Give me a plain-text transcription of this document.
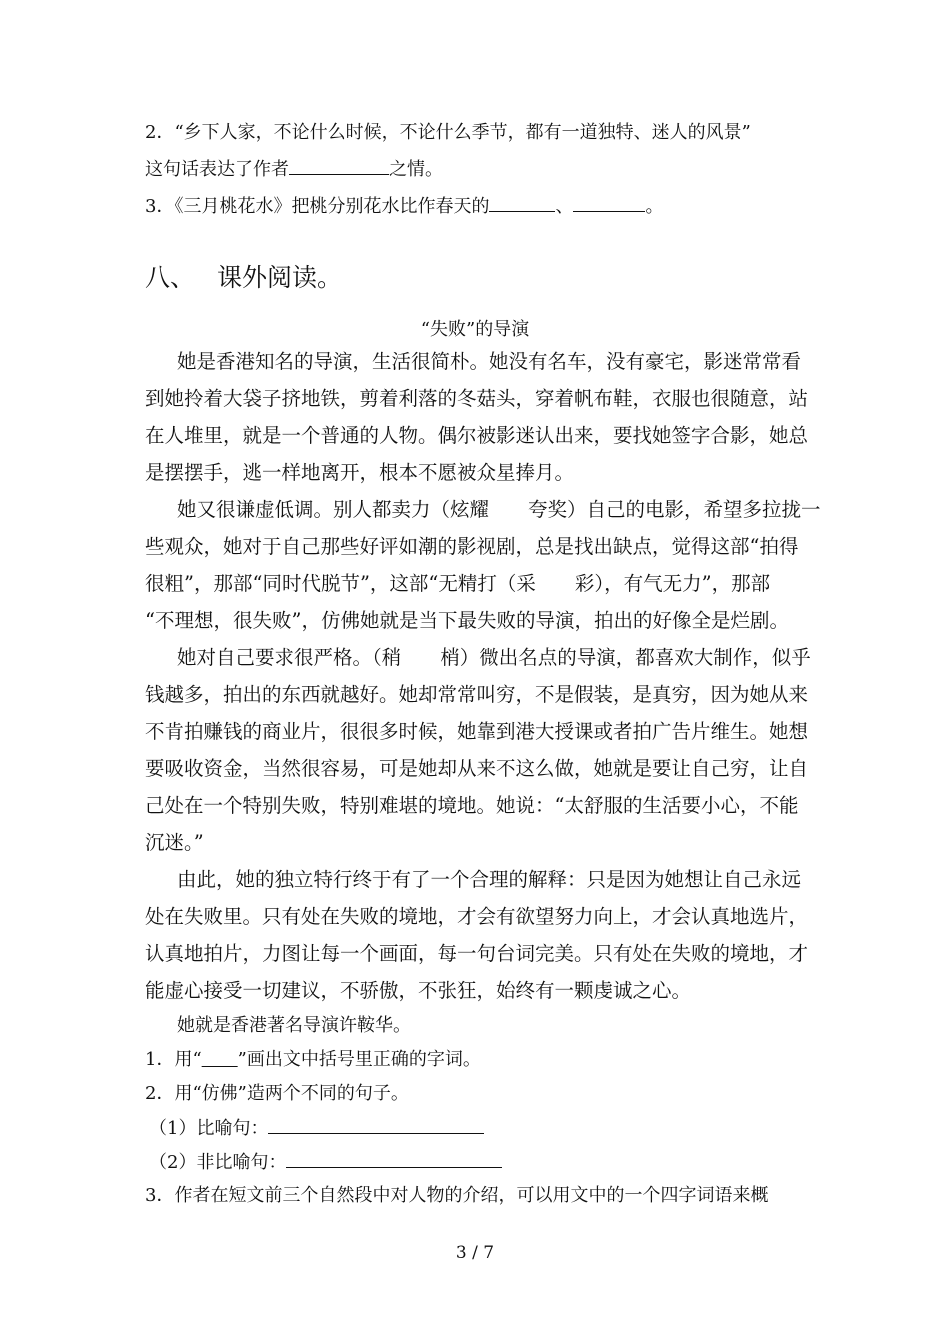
2．“乡下人家，不论什么时候，不论什么季节，都有一道独特、迷人的风景”
这句话表达了作者	之情。
3．《三月桃花水》把桃分别花水比作春天的	、	。
八、 课外阅读。
“失败”的导演
她是香港知名的导演，生活很简朴。她没有名车，没有豪宅，影迷常常看
到她拎着大袋子挤地铁，剪着利落的冬菇头，穿着帆布鞋，衣服也很随意，站
在人堆里，就是一个普通的人物。偶尔被影迷认出来，要找她签字合影，她总
是摆摆手，逃一样地离开，根本不愿被众星捧月。
她又很谦虚低调。别人都卖力（炫耀　　夸奖）自己的电影，希望多拉拢一
些观众，她对于自己那些好评如潮的影视剧，总是找出缺点，觉得这部“拍得
很粗”，那部“同时代脱节”，这部“无精打（采　　彩），有气无力”，那部
“不理想，很失败”，仿佛她就是当下最失败的导演，拍出的好像全是烂剧。
她对自己要求很严格。（稍　　梢）微出名点的导演，都喜欢大制作，似乎
钱越多，拍出的东西就越好。她却常常叫穷，不是假装，是真穷，因为她从来
不肯拍赚钱的商业片，很很多时候，她靠到港大授课或者拍广告片维生。她想
要吸收资金，当然很容易，可是她却从来不这么做，她就是要让自己穷，让自
己处在一个特别失败，特别难堪的境地。她说：“太舒服的生活要小心，不能
沉迷。”
由此，她的独立特行终于有了一个合理的解释：只是因为她想让自己永远
处在失败里。只有处在失败的境地，才会有欲望努力向上，才会认真地选片，
认真地拍片，力图让每一个画面，每一句台词完美。只有处在失败的境地，才
能虚心接受一切建议，不骄傲，不张狂，始终有一颗虔诚之心。
她就是香港著名导演许鞍华。
1．用“　　 ”画出文中括号里正确的字词。
2．用“仿佛”造两个不同的句子。
（1）比喻句：
（2）非比喻句：
3．作者在短文前三个自然段中对人物的介绍，可以用文中的一个四字词语来概
3 / 7
